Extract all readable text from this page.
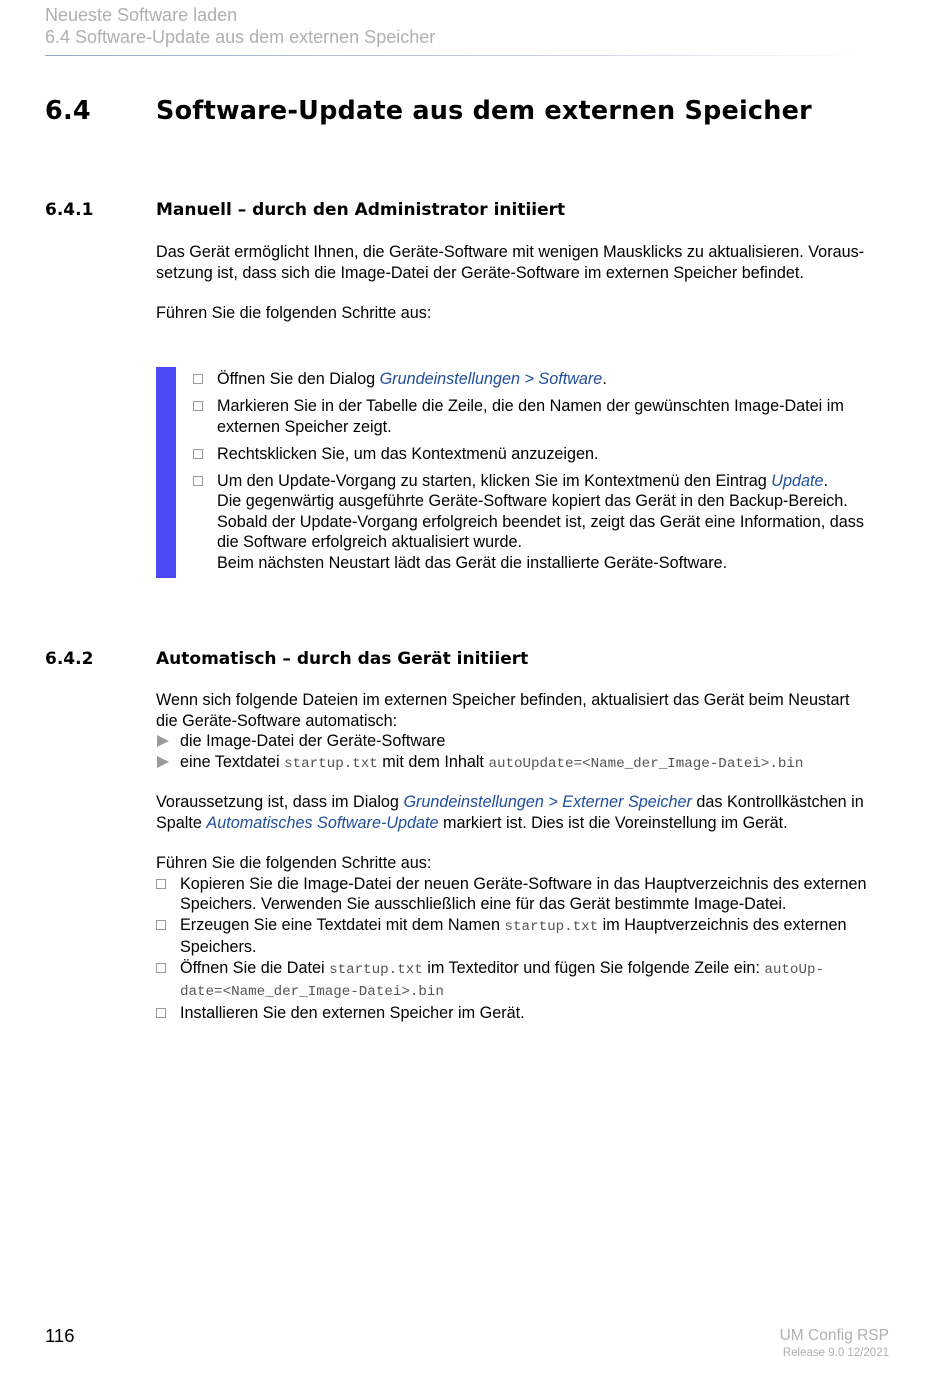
Neueste Software laden
6.4 Software-Update aus dem externen Speicher
6.4	Software-Update aus dem externen Speicher
6.4.1	Manuell – durch den Administrator initiiert

Das Gerät ermöglicht Ihnen, die Geräte-Software mit wenigen Mausklicks zu aktualisieren. Voraus-

setzung ist, dass sich die Image-Datei der Geräte-Software im externen Speicher befindet.

Führen Sie die folgenden Schritte aus:
Öffnen Sie den Dialog Grundeinstellungen > Software.
Markieren Sie in der Tabelle die Zeile, die den Namen der gewünschten Image-Datei im
externen Speicher zeigt.
Rechtsklicken Sie, um das Kontextmenü anzuzeigen.
Um den Update-Vorgang zu starten, klicken Sie im Kontextmenü den Eintrag Update.
Die gegenwärtig ausgeführte Geräte-Software kopiert das Gerät in den Backup-Bereich.
Sobald der Update-Vorgang erfolgreich beendet ist, zeigt das Gerät eine Information, dass
die Software erfolgreich aktualisiert wurde.
Beim nächsten Neustart lädt das Gerät die installierte Geräte-Software.
6.4.2	Automatisch – durch das Gerät initiiert

Wenn sich folgende Dateien im externen Speicher befinden, aktualisiert das Gerät beim Neustart

die Geräte-Software automatisch:

die Image-Datei der Geräte-Software
eine Textdatei startup.txt mit dem Inhalt autoUpdate=<Name_der_Image-Datei>.bin

Voraussetzung ist, dass im Dialog Grundeinstellungen > Externer Speicher das Kontrollkästchen in

Spalte Automatisches Software-Update markiert ist. Dies ist die Voreinstellung im Gerät.

Führen Sie die folgenden Schritte aus:

Kopieren Sie die Image-Datei der neuen Geräte-Software in das Hauptverzeichnis des externen
Speichers. Verwenden Sie ausschließlich eine für das Gerät bestimmte Image-Datei.
Erzeugen Sie eine Textdatei mit dem Namen startup.txt im Hauptverzeichnis des externen
Speichers.
Öffnen Sie die Datei startup.txt im Texteditor und fügen Sie folgende Zeile ein: autoUp-
date=<Name_der_Image-Datei>.bin
Installieren Sie den externen Speicher im Gerät.
116	UM Config RSP
Release 9.0 12/2021
